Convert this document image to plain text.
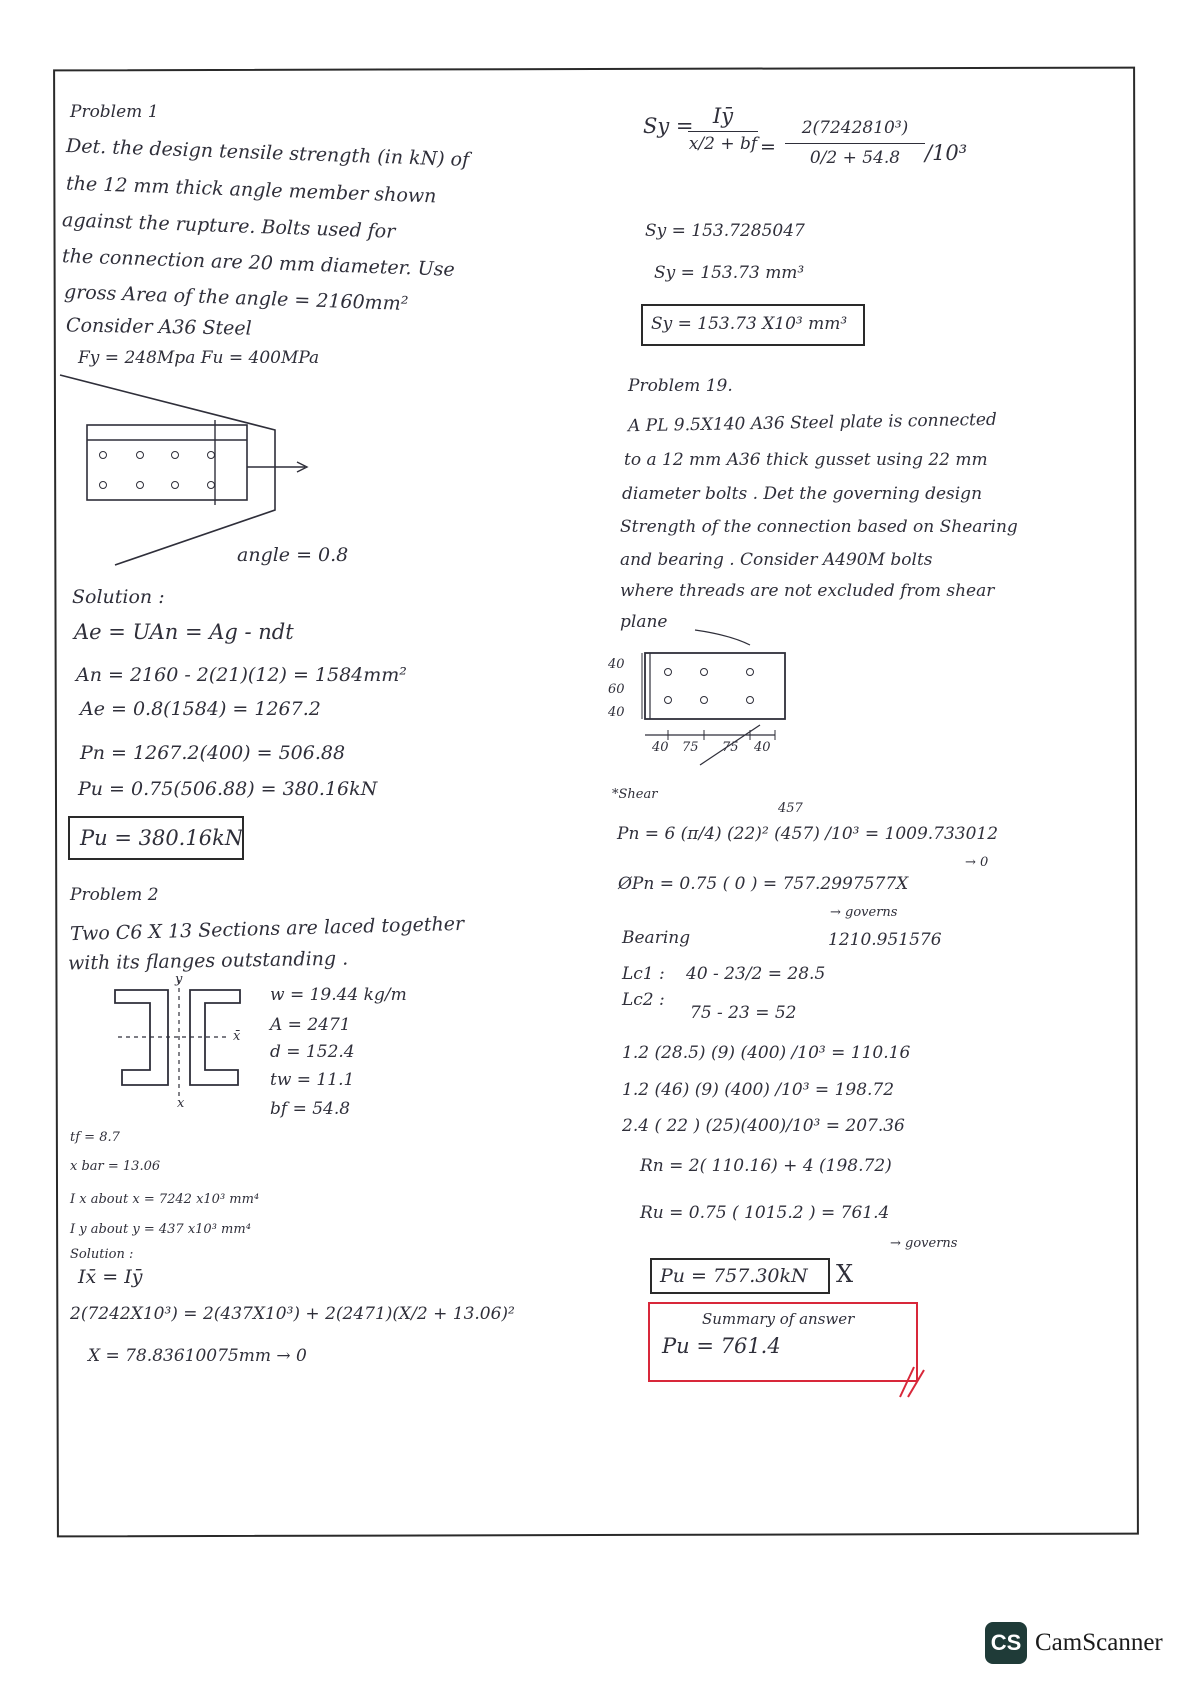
Problem 1
Det. the design tensile strength (in kN) of
the 12 mm thick angle member shown
against the rupture. Bolts used for
the connection are 20 mm diameter. Use
gross Area of the angle = 2160mm²
Consider A36 Steel
Fy = 248Mpa Fu = 400MPa
angle = 0.8
Solution :
Ae = UAn = Ag - ndt
An = 2160 - 2(21)(12) = 1584mm²
Ae = 0.8(1584) = 1267.2
Pn = 1267.2(400) = 506.88
Pu = 0.75(506.88) = 380.16kN
Pu = 380.16kN
Problem 2
Two C6 X 13 Sections are laced together
with its flanges outstanding .
y
x
x̄
w = 19.44 kg/m
A = 2471
d = 152.4
tw = 11.1
bf = 54.8
tf = 8.7
x bar = 13.06
I x about x = 7242 x10³ mm⁴
I y about y = 437 x10³ mm⁴
Solution :
Ix̄ = Iȳ
2(7242X10³) = 2(437X10³) + 2(2471)(X/2 + 13.06)²
X = 78.83610075mm → 0
Sy = Iȳ
x/2 + bf =
2(7242810³)
0/2 + 54.8	/10³
Sy = 153.7285047
Sy = 153.73 mm³
Sy = 153.73 X10³ mm³
Problem 19.
A PL 9.5X140 A36 Steel plate is connected
to a 12 mm A36 thick gusset using 22 mm
diameter bolts . Det the governing design
Strength of the connection based on Shearing
and bearing . Consider A490M bolts
where threads are not excluded from shear
plane
40
60
40
40 75 75 40
*Shear
457
Pn = 6 (π/4) (22)² (457) /10³ = 1009.733012
→ 0
ØPn = 0.75 ( 0 ) = 757.2997577X
→ governs
1210.951576
Bearing
Lc1 : 40 - 23/2 = 28.5
Lc2 :
75 - 23 = 52
1.2 (28.5) (9) (400) /10³ = 110.16
1.2 (46) (9) (400) /10³ = 198.72
2.4 ( 22 ) (25)(400)/10³ = 207.36
Rn = 2( 110.16) + 4 (198.72)
Ru = 0.75 ( 1015.2 ) = 761.4
→ governs
Pu = 757.30kN X
Summary of answer
Pu = 761.4
CS CamScanner
